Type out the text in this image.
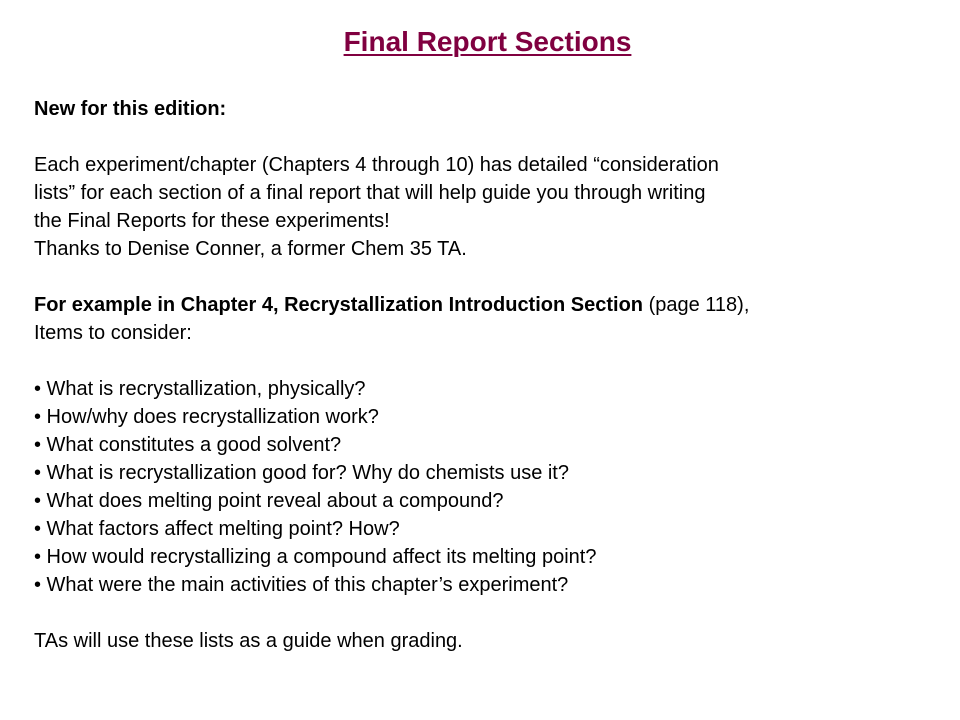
Final Report Sections
New for this edition:
Each experiment/chapter (Chapters 4 through 10) has detailed “consideration
lists” for each section of a final report that will help guide you through writing
the Final Reports for these experiments!
Thanks to Denise Conner, a former Chem 35 TA.
For example in Chapter 4, Recrystallization Introduction Section (page 118),
Items to consider:
• What is recrystallization, physically?
• How/why does recrystallization work?
• What constitutes a good solvent?
• What is recrystallization good for? Why do chemists use it?
• What does melting point reveal about a compound?
• What factors affect melting point? How?
• How would recrystallizing a compound affect its melting point?
• What were the main activities of this chapter’s experiment?
TAs will use these lists as a guide when grading.
